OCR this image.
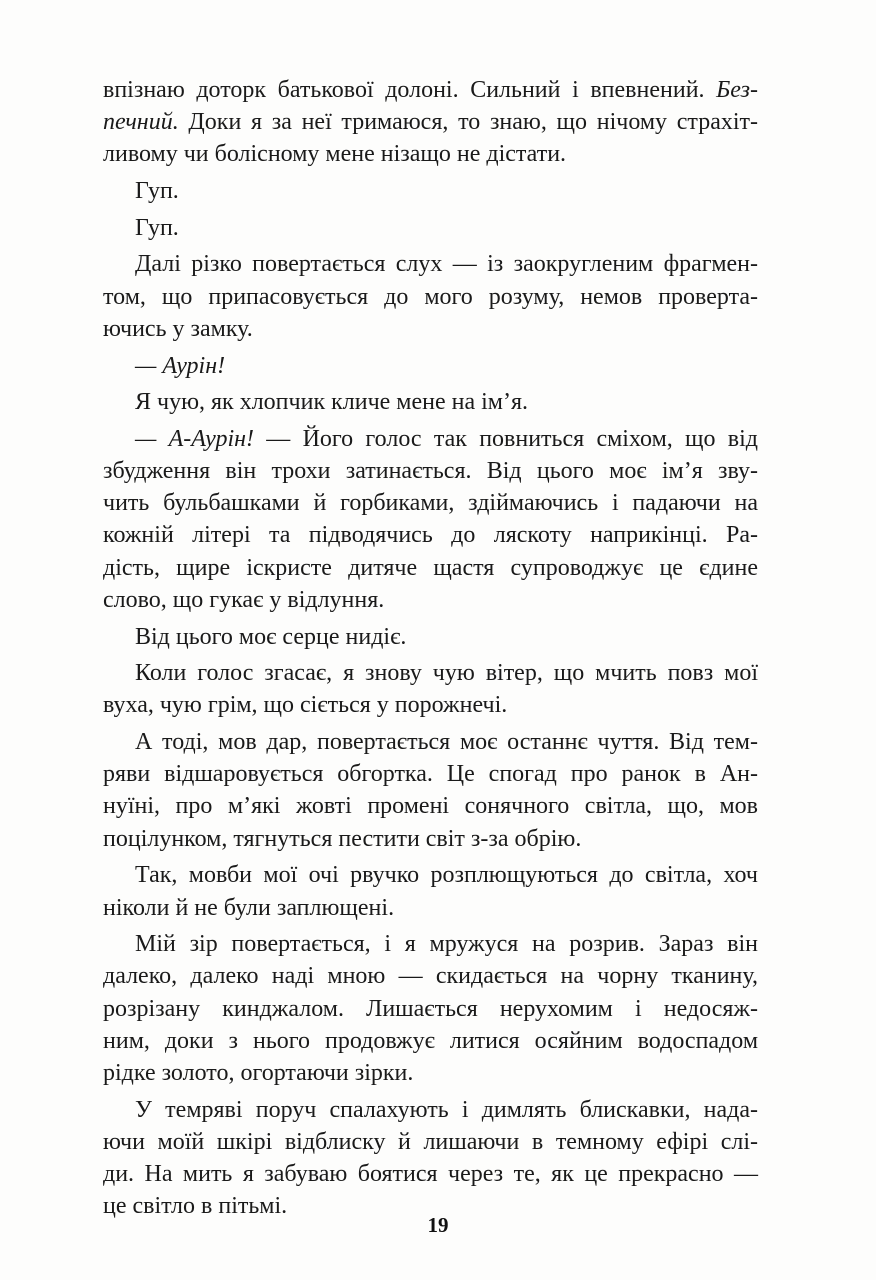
впізнаю доторк батькової долоні. Сильний і впевнений. Без-
печний. Доки я за неї тримаюся, то знаю, що нічому страхіт-
ливому чи болісному мене нізащо не дістати.
Гуп.
Гуп.
Далі різко повертається слух — із заокругленим фрагмен-
том, що припасовується до мого розуму, немов проверта-
ючись у замку.
— Аурін!
Я чую, як хлопчик кличе мене на ім’я.
— А-Аурін! — Його голос так повниться сміхом, що від
збудження він трохи затинається. Від цього моє ім’я зву-
чить бульбашками й горбиками, здіймаючись і падаючи на
кожній літері та підводячись до ляскоту наприкінці. Ра-
дість, щире іскристе дитяче щастя супроводжує це єдине
слово, що гукає у відлуння.
Від цього моє серце нидіє.
Коли голос згасає, я знову чую вітер, що мчить повз мої
вуха, чую грім, що сіється у порожнечі.
А тоді, мов дар, повертається моє останнє чуття. Від тем-
ряви відшаровується обгортка. Це спогад про ранок в Ан-
нуїні, про м’які жовті промені сонячного світла, що, мов
поцілунком, тягнуться пестити світ з-за обрію.
Так, мовби мої очі рвучко розплющуються до світла, хоч
ніколи й не були заплющені.
Мій зір повертається, і я мружуся на розрив. Зараз він
далеко, далеко наді мною — скидається на чорну тканину,
розрізану кинджалом. Лишається нерухомим і недосяж-
ним, доки з нього продовжує литися осяйним водоспадом
рідке золото, огортаючи зірки.
У темряві поруч спалахують і димлять блискавки, нада-
ючи моїй шкірі відблиску й лишаючи в темному ефірі слі-
ди. На мить я забуваю боятися через те, як це прекрасно —
це світло в пітьмі.
19
